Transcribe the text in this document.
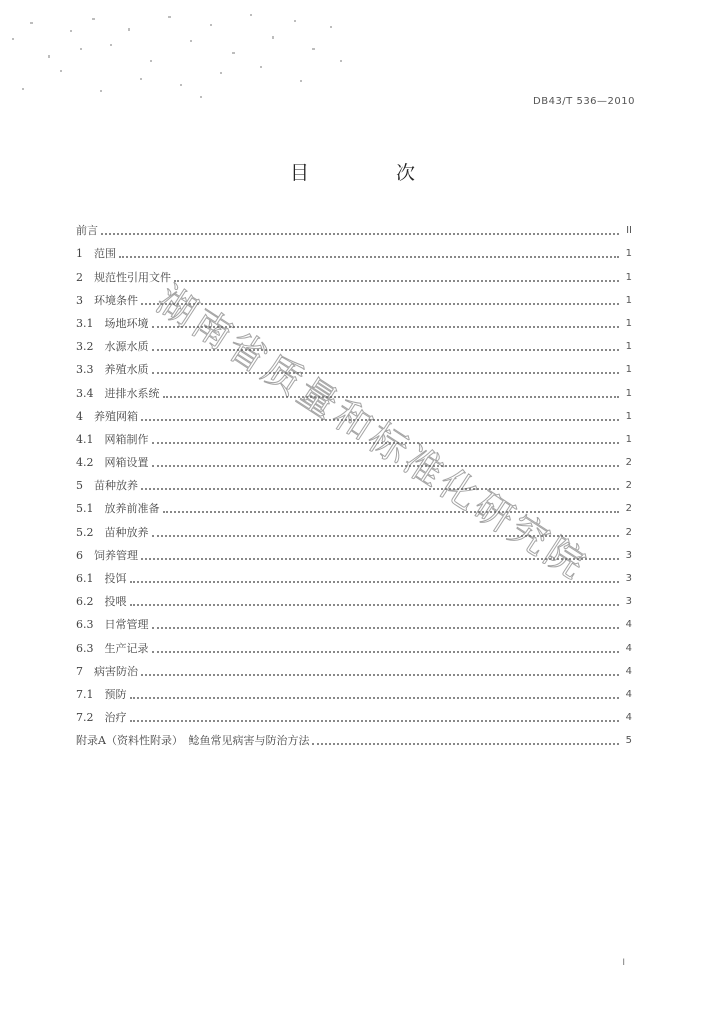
DB43/T 536—2010
目　次
前言	II
1　范围	1
2　规范性引用文件	1
3　环境条件	1
3.1　场地环境	1
3.2　水源水质	1
3.3　养殖水质	1
3.4　进排水系统	1
4　养殖网箱	1
4.1　网箱制作	1
4.2　网箱设置	2
5　苗种放养	2
5.1　放养前准备	2
5.2　苗种放养	2
6　饲养管理	3
6.1　投饵	3
6.2　投喂	3
6.3　日常管理	4
6.3　生产记录	4
7　病害防治	4
7.1　预防	4
7.2　治疗	4
附录A（资料性附录）　鲶鱼常见病害与防治方法	5
湖南省质量和标准化研究院
I
